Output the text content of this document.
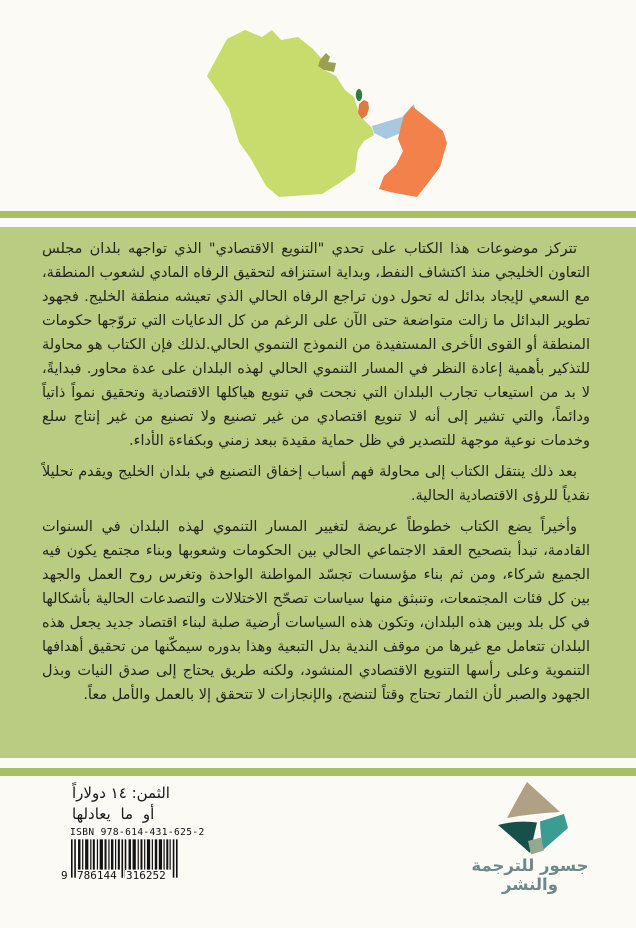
تتركز موضوعات هذا الكتاب على تحدي "التنويع الاقتصادي" الذي تواجهه بلدان مجلس التعاون الخليجي منذ اكتشاف النفط، وبداية استنزافه لتحقيق الرفاه المادي لشعوب المنطقة، مع السعي لإيجاد بدائل له تحول دون تراجع الرفاه الحالي الذي تعيشه منطقة الخليج. فجهود تطوير البدائل ما زالت متواضعة حتى الآن على الرغم من كل الدعايات التي تروّجها حكومات المنطقة أو القوى الأخرى المستفيدة من النموذج التنموي الحالي.لذلك فإن الكتاب هو محاولة للتذكير بأهمية إعادة النظر في المسار التنموي الحالي لهذه البلدان على عدة محاور. فبدايةً، لا بد من استيعاب تجارب البلدان التي نجحت في تنويع هياكلها الاقتصادية وتحقيق نمواً ذاتياً ودائماً، والتي تشير إلى أنه لا تنويع اقتصادي من غير تصنيع ولا تصنيع من غير إنتاج سلع وخدمات نوعية موجهة للتصدير في ظل حماية مقيدة ببعد زمني وبكفاءة الأداء.

بعد ذلك ينتقل الكتاب إلى محاولة فهم أسباب إخفاق التصنيع في بلدان الخليج ويقدم تحليلاً نقدياً للرؤى الاقتصادية الحالية.

وأخيراً يضع الكتاب خطوطاً عريضة لتغيير المسار التنموي لهذه البلدان في السنوات القادمة، تبدأ بتصحيح العقد الاجتماعي الحالي بين الحكومات وشعوبها وبناء مجتمع يكون فيه الجميع شركاء، ومن ثم بناء مؤسسات تجسّد المواطنة الواحدة وتغرس روح العمل والجهد بين كل فئات المجتمعات، وتنبثق منها سياسات تصحّح الاختلالات والتصدعات الحالية بأشكالها في كل بلد وبين هذه البلدان، وتكون هذه السياسات أرضية صلبة لبناء اقتصاد جديد يجعل هذه البلدان تتعامل مع غيرها من موقف الندية بدل التبعية وهذا بدوره سيمكّنها من تحقيق أهدافها التنموية وعلى رأسها التنويع الاقتصادي المنشود، ولكنه طريق يحتاج إلى صدق النيات وبذل الجهود والصبر لأن الثمار تحتاج وقتاً لتنضج، والإنجازات لا تتحقق إلا بالعمل والأمل معاً.

الثمن: ١٤ دولاراً
أو ما يعادلها
ISBN 978-614-431-625-2
9 786144 316252
جسور للترجمة والنشر
